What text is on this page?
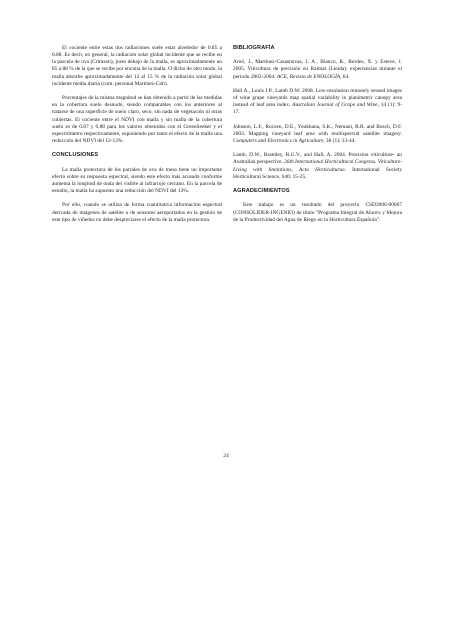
El cociente entre estas dos radiaciones suele estar alrededor de 0.85 a 0.88. Es decir, en general, la radiación solar global incidente que se recibe en la parcela de uva (Crimson), justo debajo de la malla, es aproximadamente un 85 a 88 % de la que se recibe por encima de la malla. O dicho de otro modo, la malla absorbe aproximadamente del 12 al 15 % de la radiación solar global incidente media diaria (com. personal Martínez-Cob).

Porcentajes de la misma magnitud se han obtenido a partir de las medidas en la cobertura suelo desnudo, siendo comparables con los anteriores al tratarse de una superficie de suelo claro, seco, sin nada de vegetación ni otras cubiertas. El cociente entre el NDVI con malla y sin malla de la cobertura suelo es de 0.87 y 0.88 para los valores obtenidos con el GreenSeeker y el espectrómetro respectivamente, suponiendo por tanto el efecto de la malla una reducción del NDVI del 12-13%.

CONCLUSIONES

La malla protectora de los parrales de uva de mesa tiene un importante efecto sobre su respuesta espectral, siendo este efecto más acusado conforme aumenta la longitud de onda del visible al infrarrojo cercano. En la parcela de estudio, la malla ha supuesto una reducción del NDVI del 13%.

Por ello, cuando se utiliza de forma cuantitativa información espectral derivada de imágenes de satélite o de sensores aeroportados en la gestión de este tipo de viñedos no debe despreciarse el efecto de la malla protectora.

BIBLIOGRAFÍA

Arnó, J., Martínez-Casasnovas, J. A., Blanco, R., Bordes, X. y Esteve, J. 2005. Viticultura de precisión en Raimat (Lleida): experiencias durante el periodo 2002-2004. ACE, Revista de ENOLOGÍA, 64.

Hall A., Louis J.P., Lamb D.W. 2008. Low-resolution remotely sensed images of wine grape vineyards map spatial variability in planimetric canopy area instead of leaf area index. Australian Journal of Grape and Wine, 14 (1): 9-17.

Johnson, L.F., Roczen, D.E., Youkhana, S.K., Nemani, R.R. and Bosch, D.F. 2003. Mapping vineyard leaf area with multispectral satellite imagery. Computers and Electronics in Agriculture, 38 (1): 33-44.

Lamb, D.W., Bramley, R.G.V., and Hall, A. 2004. Precision viticulture- an Australian perspective. 26th International Horticultural Congress. Viticulture- Living with limitations, Acta Horticulturae. International Society Horticultural Science, 640: 15-25.

AGRADECIMIENTOS

Este trabajo es un resultado del proyecto CSD2006-00067 (CONSOLIDER-INGENIO) de título "Programa Integral de Ahorro y Mejora de la Productividad del Agua de Riego en la Horticultura Española".

24
